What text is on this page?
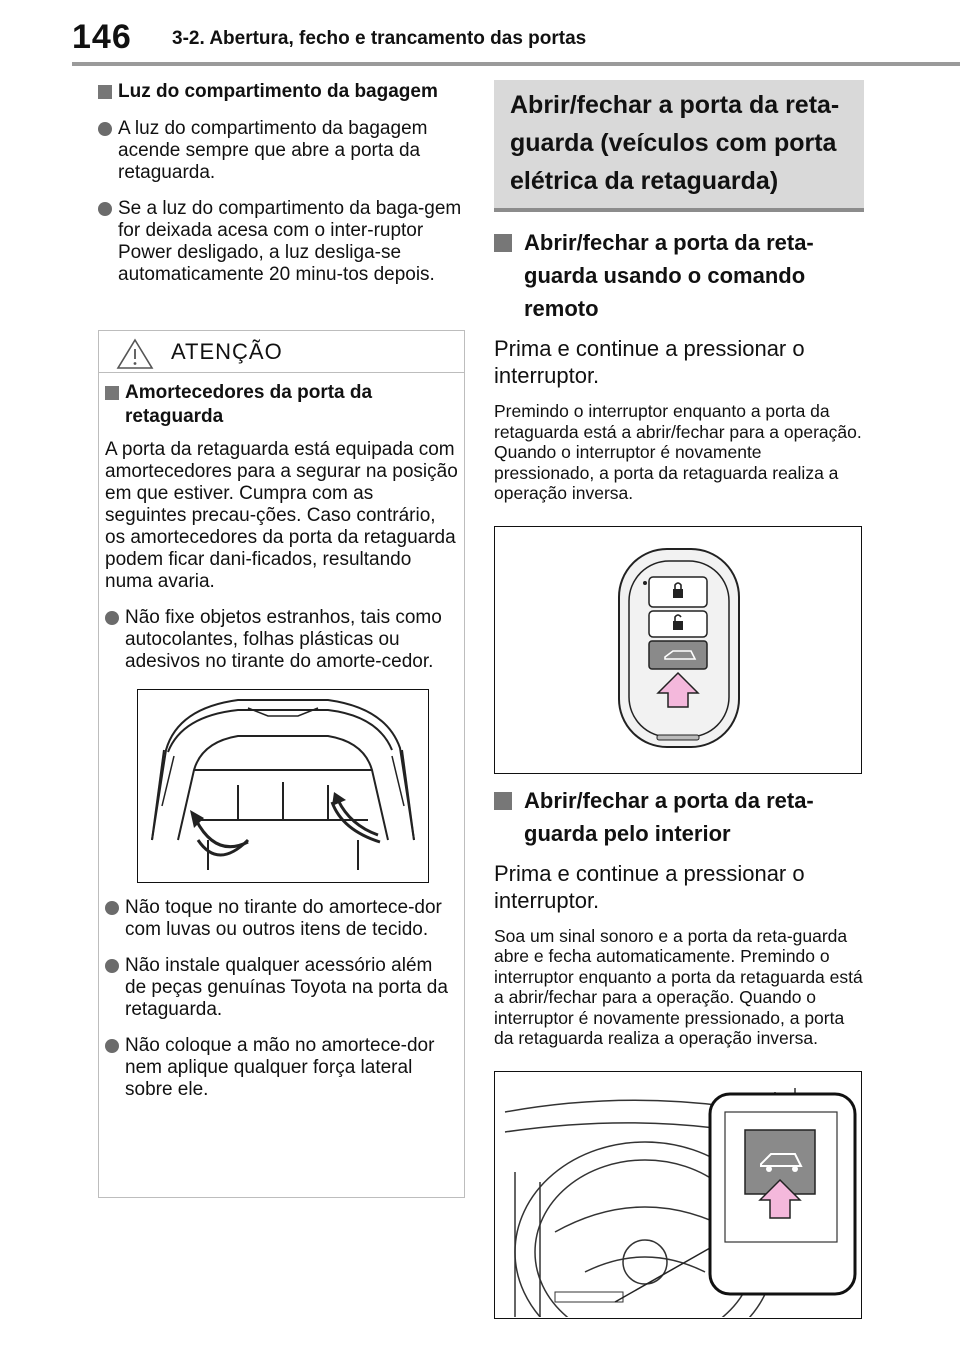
146 3-2. Abertura, fecho e trancamento das portas
Luz do compartimento da bagagem
A luz do compartimento da bagagem acende sempre que abre a porta da retaguarda.
Se a luz do compartimento da baga-gem for deixada acesa com o inter-ruptor Power desligado, a luz desliga-se automaticamente 20 minu-tos depois.
ATENÇÃO
Amortecedores da porta da retaguarda
A porta da retaguarda está equipada com amortecedores para a segurar na posição em que estiver. Cumpra com as seguintes precau-ções. Caso contrário, os amortecedores da porta da retaguarda podem ficar dani-ficados, resultando numa avaria.
Não fixe objetos estranhos, tais como autocolantes, folhas plásticas ou adesivos no tirante do amorte-cedor.
Não toque no tirante do amortece-dor com luvas ou outros itens de tecido.
Não instale qualquer acessório além de peças genuínas Toyota na porta da retaguarda.
Não coloque a mão no amortece-dor nem aplique qualquer força lateral sobre ele.
Abrir/fechar a porta da reta-guarda (veículos com porta elétrica da retaguarda)
Abrir/fechar a porta da reta-guarda usando o comando remoto
Prima e continue a pressionar o interruptor.
Premindo o interruptor enquanto a porta da retaguarda está a abrir/fechar para a operação. Quando o interruptor é novamente pressionado, a porta da retaguarda realiza a operação inversa.
Abrir/fechar a porta da reta-guarda pelo interior
Prima e continue a pressionar o interruptor.
Soa um sinal sonoro e a porta da reta-guarda abre e fecha automaticamente. Premindo o interruptor enquanto a porta da retaguarda está a abrir/fechar para a operação. Quando o interruptor é novamente pressionado, a porta da retaguarda realiza a operação inversa.
